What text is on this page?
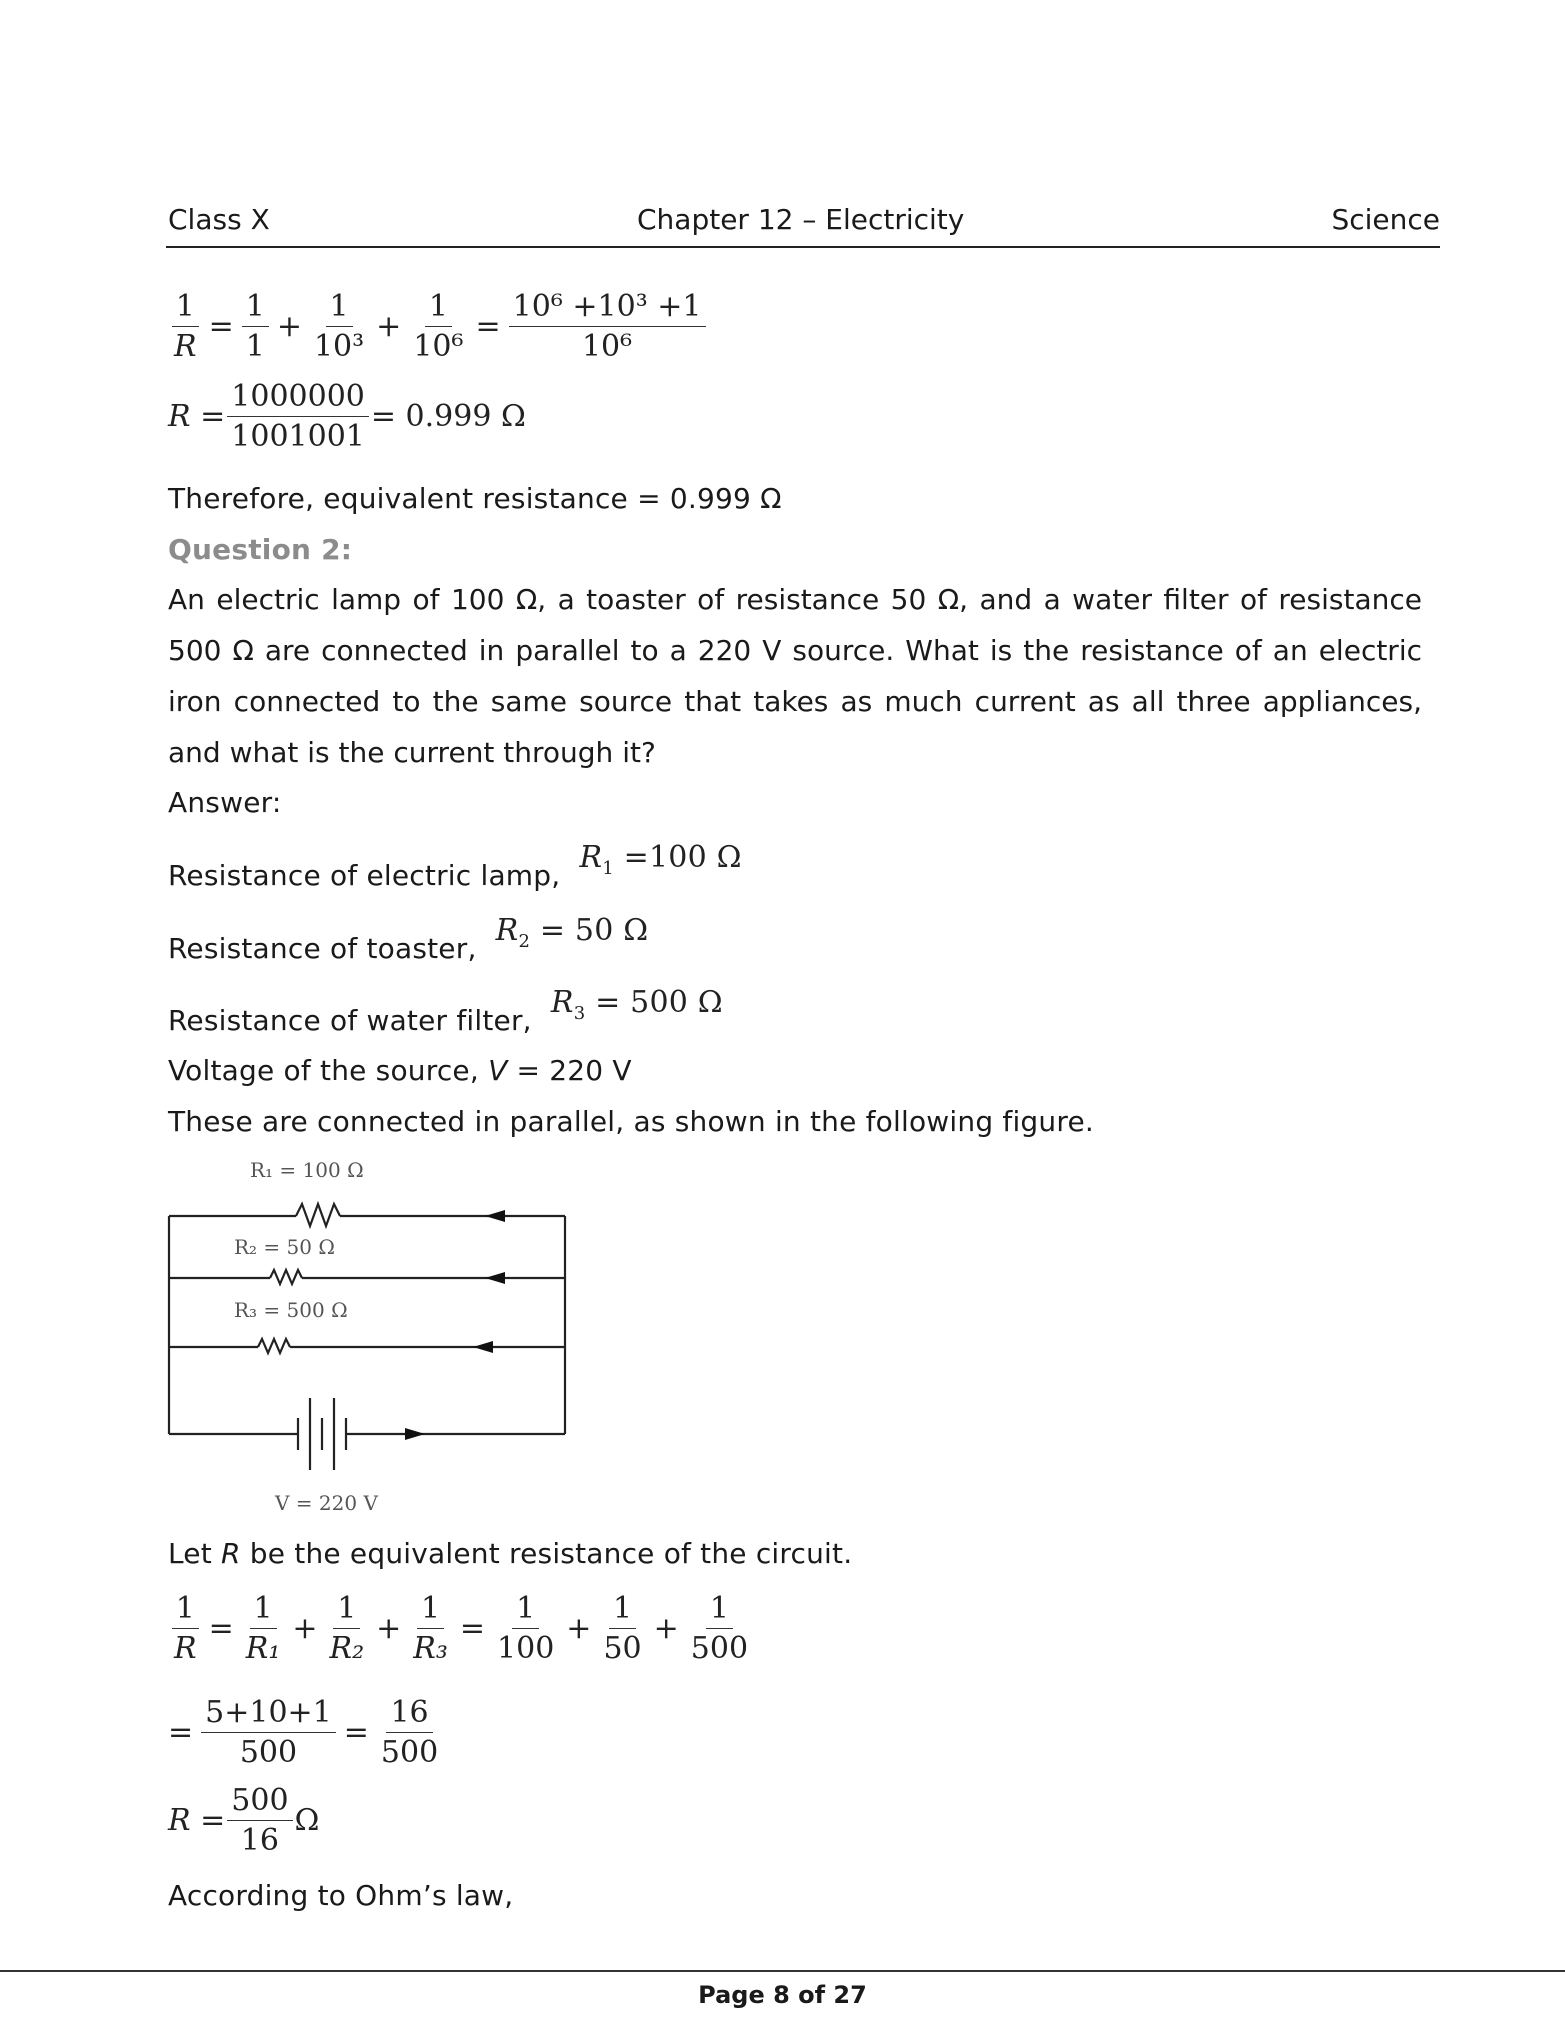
Class X	Chapter 12 – Electricity	Science
$\frac{1}{R} = \frac{1}{1} + \frac{1}{\text{10³}} + \frac{1}{\text{10⁶}} = \frac{\text{10⁶ +10³ +1}}{\text{10⁶}}$
$R = \frac{1000000}{1001001} = 0.999$ Ω
Therefore, equivalent resistance = 0.999 Ω
Question 2:
An electric lamp of 100 Ω, a toaster of resistance 50 Ω, and a water filter of resistance 500 Ω are connected in parallel to a 220 V source. What is the resistance of an electric iron connected to the same source that takes as much current as all three appliances, and what is the current through it?
Answer:
Resistance of electric lamp, $R_1 =100$ Ω
Resistance of toaster, $R_2 = 50$ Ω
Resistance of water filter, $R_3 = 500$ Ω
Voltage of the source, V = 220 V
These are connected in parallel, as shown in the following figure.
R₁ = 100 Ω
R₂ = 50 Ω
R₃ = 500 Ω
V = 220 V
Let R be the equivalent resistance of the circuit.
$\frac{1}{R} = \frac{1}{\text{R₁}} + \frac{1}{\text{R₂}} + \frac{1}{\text{R₃}} = \frac{1}{100} + \frac{1}{50} + \frac{1}{500}$
= $\frac{5+10+1}{500} = \frac{16}{500}$
$R = \frac{500}{16}$ Ω
According to Ohm’s law,
Page 8 of 27
